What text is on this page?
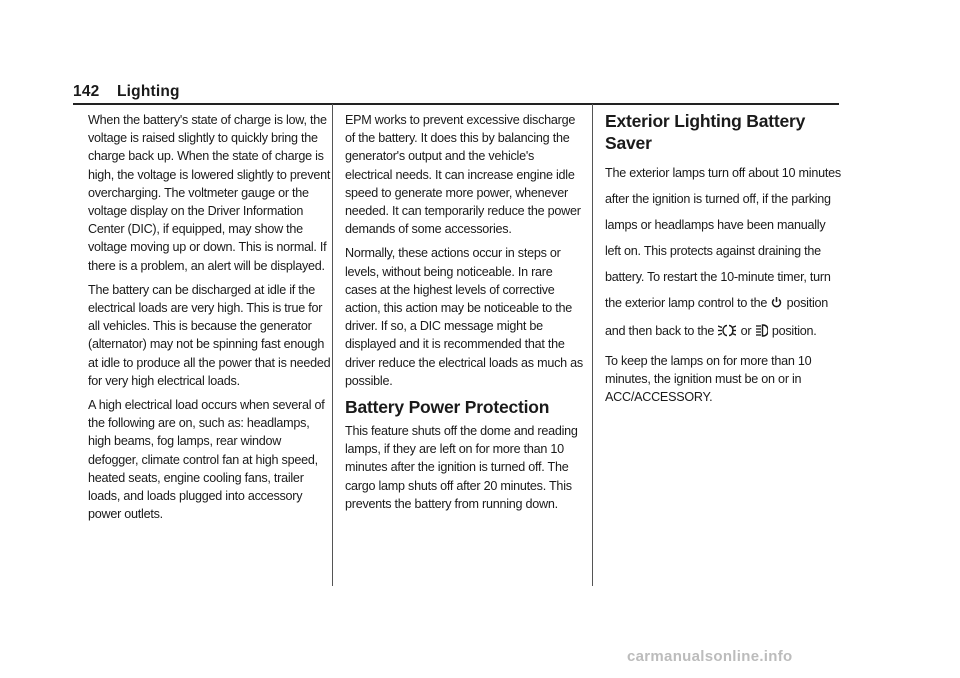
142 Lighting

When the battery's state of charge is low, the voltage is raised slightly to quickly bring the charge back up. When the state of charge is high, the voltage is lowered slightly to prevent overcharging. The voltmeter gauge or the voltage display on the Driver Information Center (DIC), if equipped, may show the voltage moving up or down. This is normal. If there is a problem, an alert will be displayed.

The battery can be discharged at idle if the electrical loads are very high. This is true for all vehicles. This is because the generator (alternator) may not be spinning fast enough at idle to produce all the power that is needed for very high electrical loads.

A high electrical load occurs when several of the following are on, such as: headlamps, high beams, fog lamps, rear window defogger, climate control fan at high speed, heated seats, engine cooling fans, trailer loads, and loads plugged into accessory power outlets.

EPM works to prevent excessive discharge of the battery. It does this by balancing the generator's output and the vehicle's electrical needs. It can increase engine idle speed to generate more power, whenever needed. It can temporarily reduce the power demands of some accessories.

Normally, these actions occur in steps or levels, without being noticeable. In rare cases at the highest levels of corrective action, this action may be noticeable to the driver. If so, a DIC message might be displayed and it is recommended that the driver reduce the electrical loads as much as possible.

Battery Power Protection

This feature shuts off the dome and reading lamps, if they are left on for more than 10 minutes after the ignition is turned off. The cargo lamp shuts off after 20 minutes. This prevents the battery from running down.

Exterior Lighting Battery Saver

The exterior lamps turn off about 10 minutes after the ignition is turned off, if the parking lamps or headlamps have been manually left on. This protects against draining the battery. To restart the 10-minute timer, turn the exterior lamp control to the position and then back to the or position.

To keep the lamps on for more than 10 minutes, the ignition must be on or in ACC/ACCESSORY.

carmanualsonline.info
